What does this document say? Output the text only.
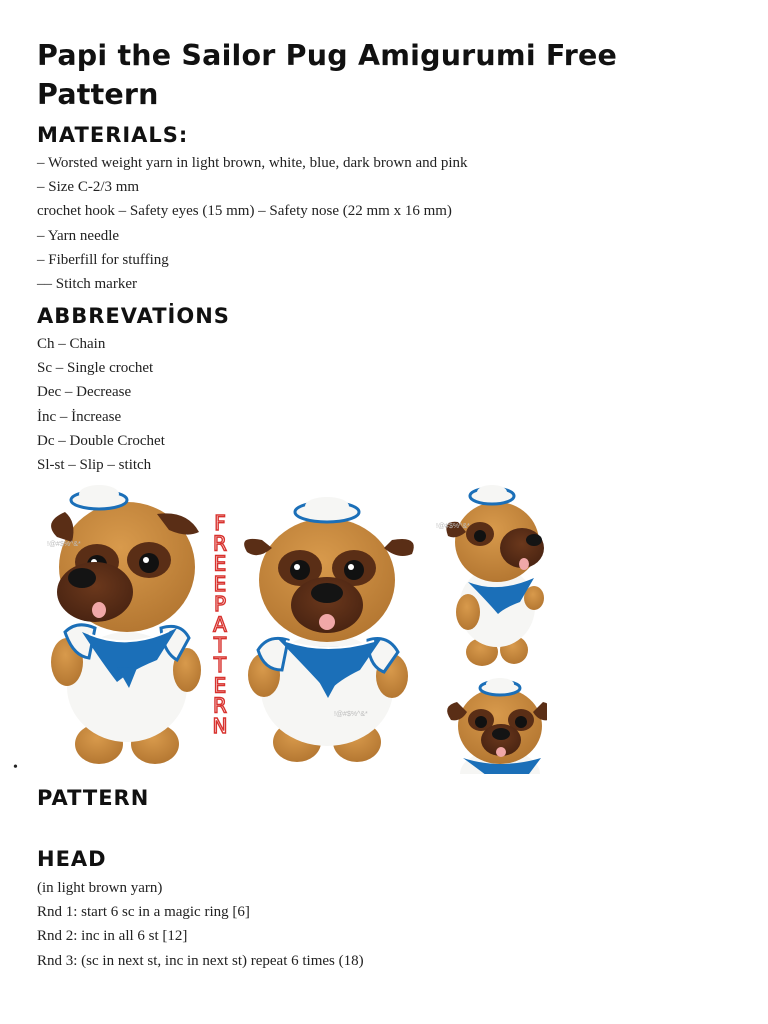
Papi the Sailor Pug Amigurumi Free Pattern
MATERIALS:
– Worsted weight yarn in light brown, white, blue, dark brown and pink
– Size C-2/3 mm
crochet hook – Safety eyes (15 mm) – Safety nose (22 mm x 16 mm)
– Yarn needle
– Fiberfill for stuffing
–– Stitch marker
ABBREVATİONS
Ch – Chain
Sc – Single crochet
Dec – Decrease
İnc – İncrease
Dc – Double Crochet
Sl-st – Slip – stitch
!@#$%^&*
F
R
E
E
P
A
T
T
E
R
N	!@#$%^&*
!@#$%^&*
•
PATTERN
HEAD
(in light brown yarn)
Rnd 1: start 6 sc in a magic ring [6]
Rnd 2: inc in all 6 st [12]
Rnd 3: (sc in next st, inc in next st) repeat 6 times (18)
